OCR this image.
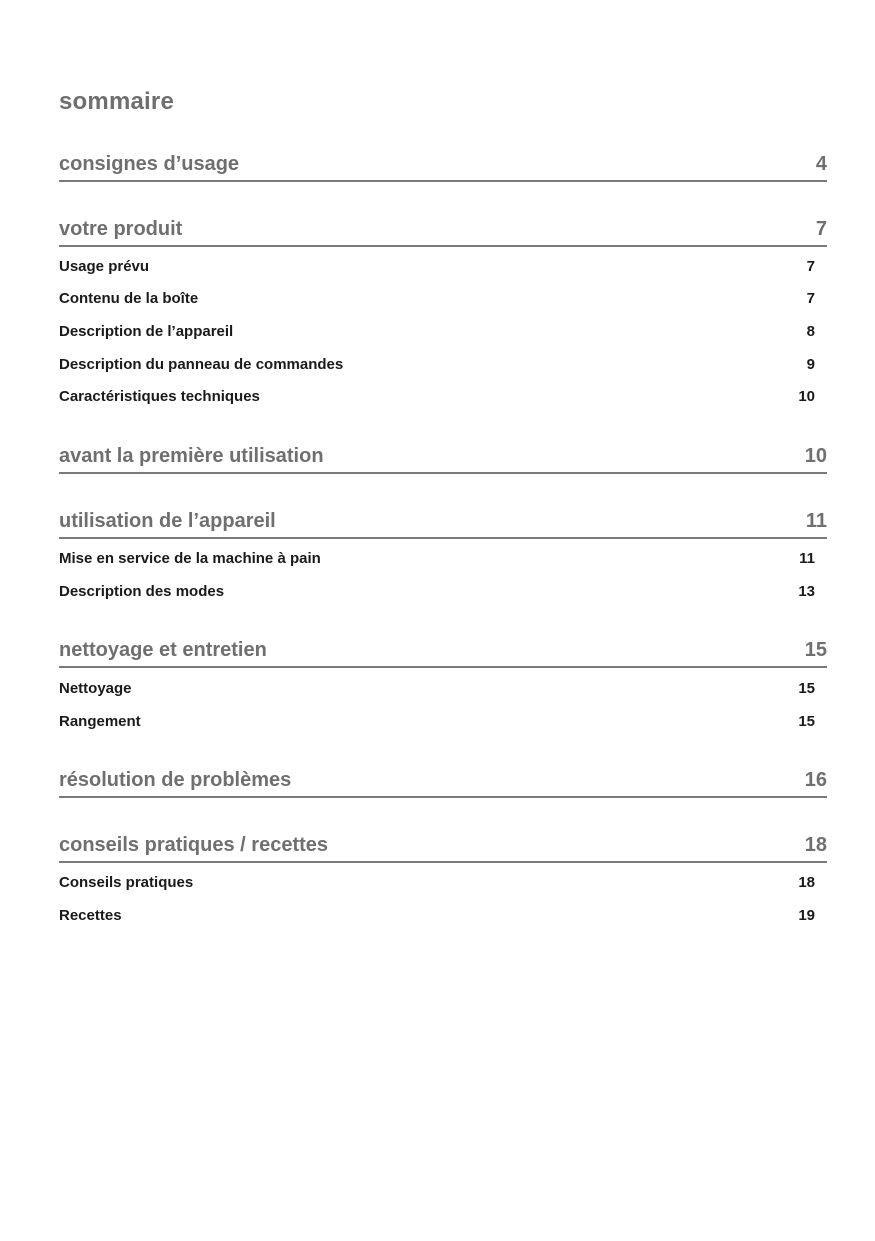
sommaire
consignes d’usage	4
votre produit	7
Usage prévu	7
Contenu de la boîte	7
Description de l’appareil	8
Description du panneau de commandes	9
Caractéristiques techniques	10
avant la première utilisation	10
utilisation de l’appareil	11
Mise en service de la machine à pain	11
Description des modes	13
nettoyage et entretien	15
Nettoyage	15
Rangement	15
résolution de problèmes	16
conseils pratiques / recettes	18
Conseils pratiques	18
Recettes	19
